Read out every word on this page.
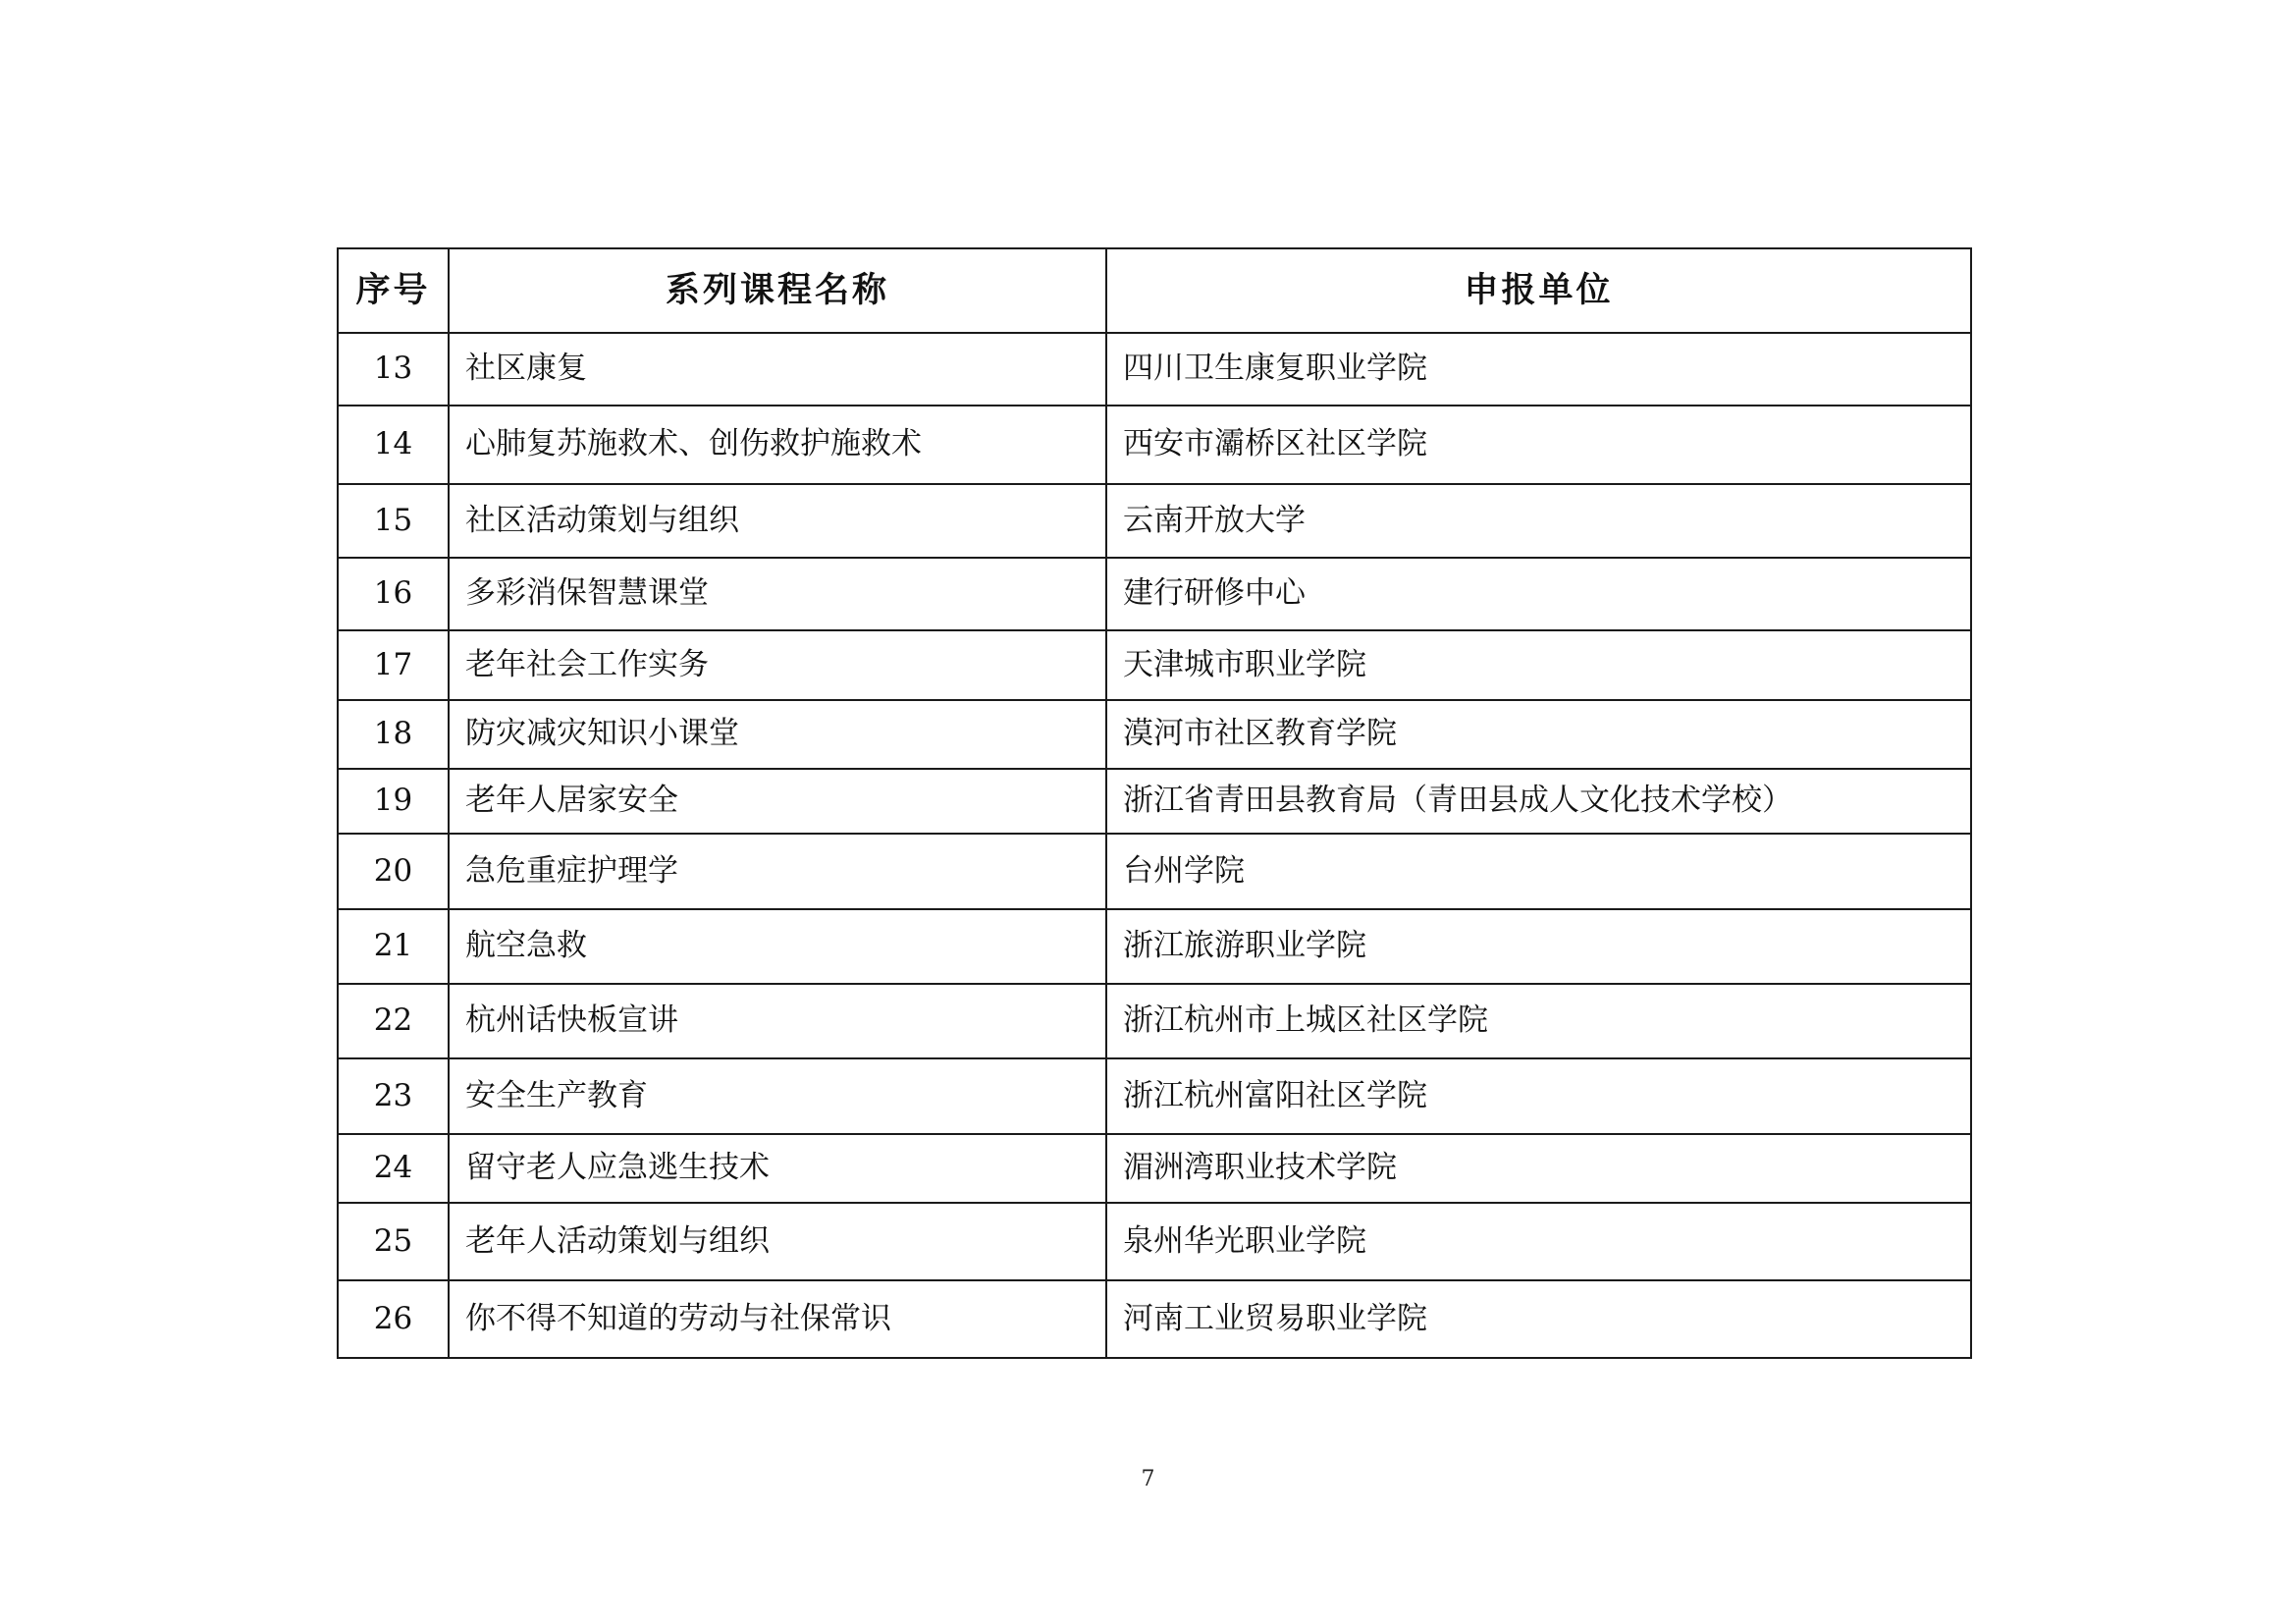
序号	系列课程名称	申报单位
13	社区康复	四川卫生康复职业学院
14	心肺复苏施救术、创伤救护施救术	西安市灞桥区社区学院
15	社区活动策划与组织	云南开放大学
16	多彩消保智慧课堂	建行研修中心
17	老年社会工作实务	天津城市职业学院
18	防灾减灾知识小课堂	漠河市社区教育学院
19	老年人居家安全	浙江省青田县教育局（青田县成人文化技术学校）
20	急危重症护理学	台州学院
21	航空急救	浙江旅游职业学院
22	杭州话快板宣讲	浙江杭州市上城区社区学院
23	安全生产教育	浙江杭州富阳社区学院
24	留守老人应急逃生技术	湄洲湾职业技术学院
25	老年人活动策划与组织	泉州华光职业学院
26	你不得不知道的劳动与社保常识	河南工业贸易职业学院
7
